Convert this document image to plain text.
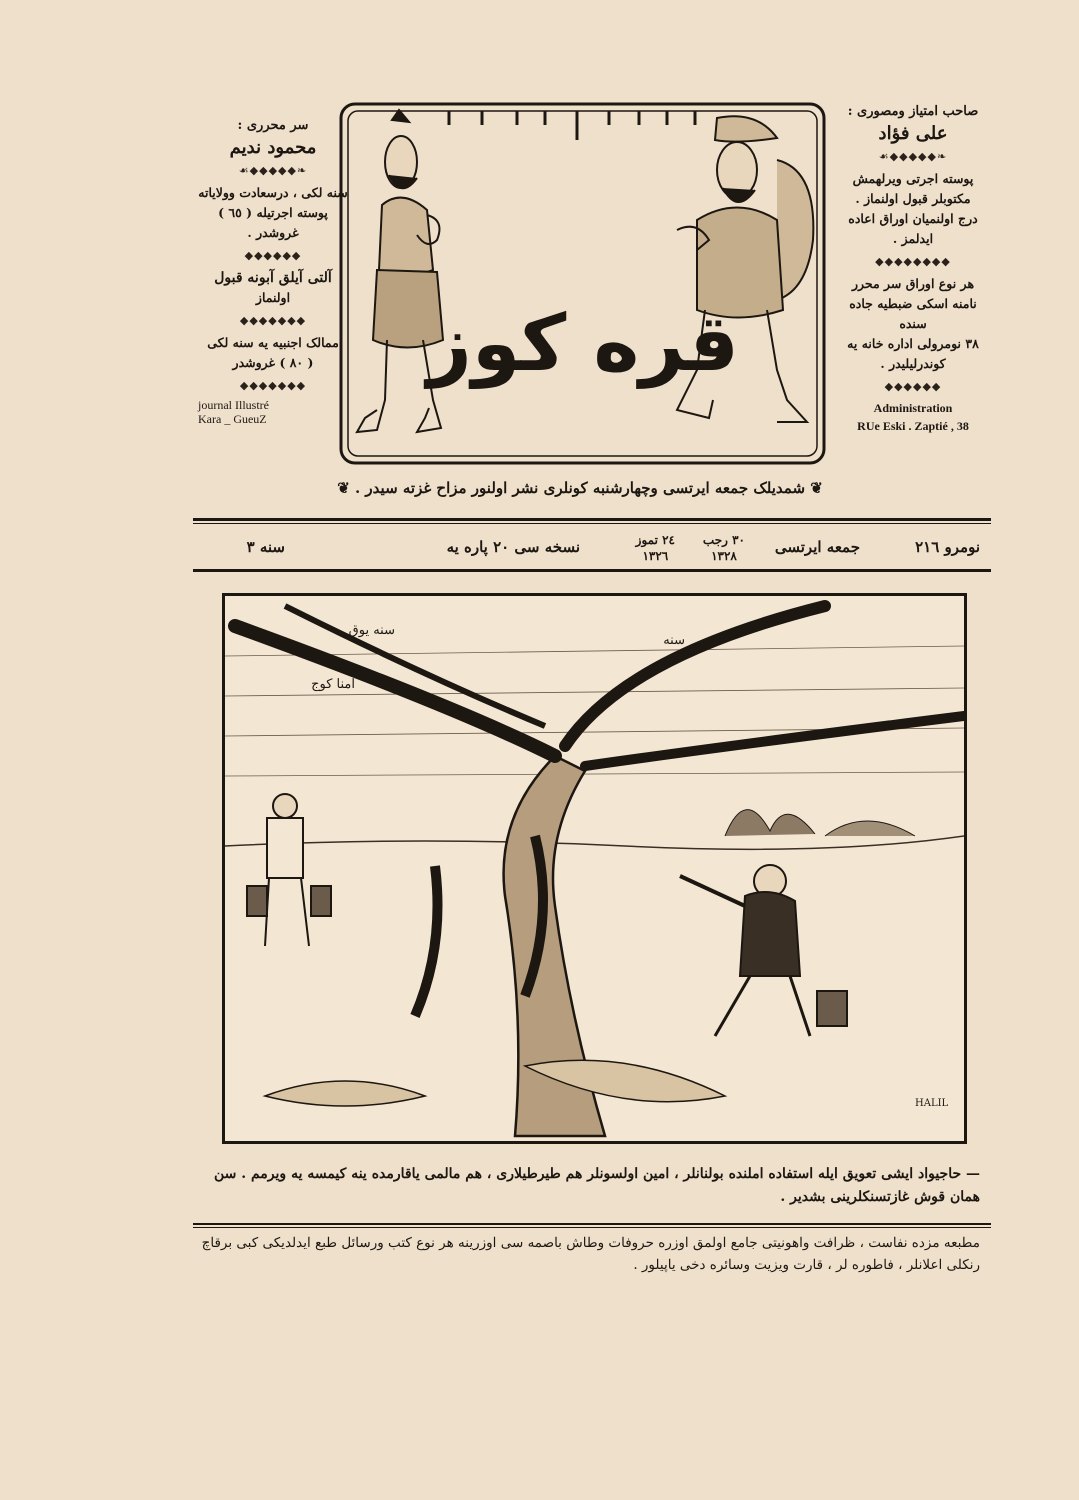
صاحب امتیاز ومصوری :
علی فؤاد
❧◆◆◆◆◆☙
پوسته اجرتی ویرلهمش
مکتوبلر قبول اولنماز .
درج اولنمیان اوراق اعاده
ایدلمز .
◆◆◆◆◆◆◆◆
هر نوع اوراق سر محرر
نامنه اسکی ضبطیه جاده سنده
۳۸ نومرولی اداره خانه یه
کوندرلیلیدر .
◆◆◆◆◆◆
Administration
RUe Eski . Zaptié , 38
سر محرری :
محمود ندیم
❧◆◆◆◆◆☙
سنه لکی ، درسعادت وولایاته
پوسته اجرتیله ( ٦٥ )
غروشدر .
◆◆◆◆◆◆
آلتی آیلق آبونه قبول
اولنماز
◆◆◆◆◆◆◆
ممالک اجنبیه یه سنه لکی
( ٨٠ ) غروشدر
◆◆◆◆◆◆◆
journal Illustré
Kara _ GueuZ
قره کوز
❦ شمدیلک جمعه ایرتسی وچهارشنبه کونلری نشر اولنور مزاح غزته سیدر . ❦
نومرو ٢١٦
جمعه ایرتسی
۳۰ رجب
۱۳۲۸
۲٤ تموز
۱۳۲٦
نسخه سی ٢٠ پاره یه
سنه ٣
سنه یوق
سنه
امنا کوج
HALIL
— حاجیواد ایشی تعویق ایله استفاده املنده بولنانلر ، امین اولسونلر هم طیرطیلاری ، هم مالمی یاقارمده ینه کیمسه یه ویرمم . سن همان قوش غازتسنکلرینی بشدیر .
مطبعه مزده نفاست ، ظرافت واهونیتی جامع اولمق اوزره حروفات وطاش باصمه سی اوزرینه هر نوع کتب ورسائل طبع ایدلدیکی کبی برقاچ رنکلی اعلانلر ، فاطوره لر ، قارت ویزیت وسائره دخی یاپیلور .
